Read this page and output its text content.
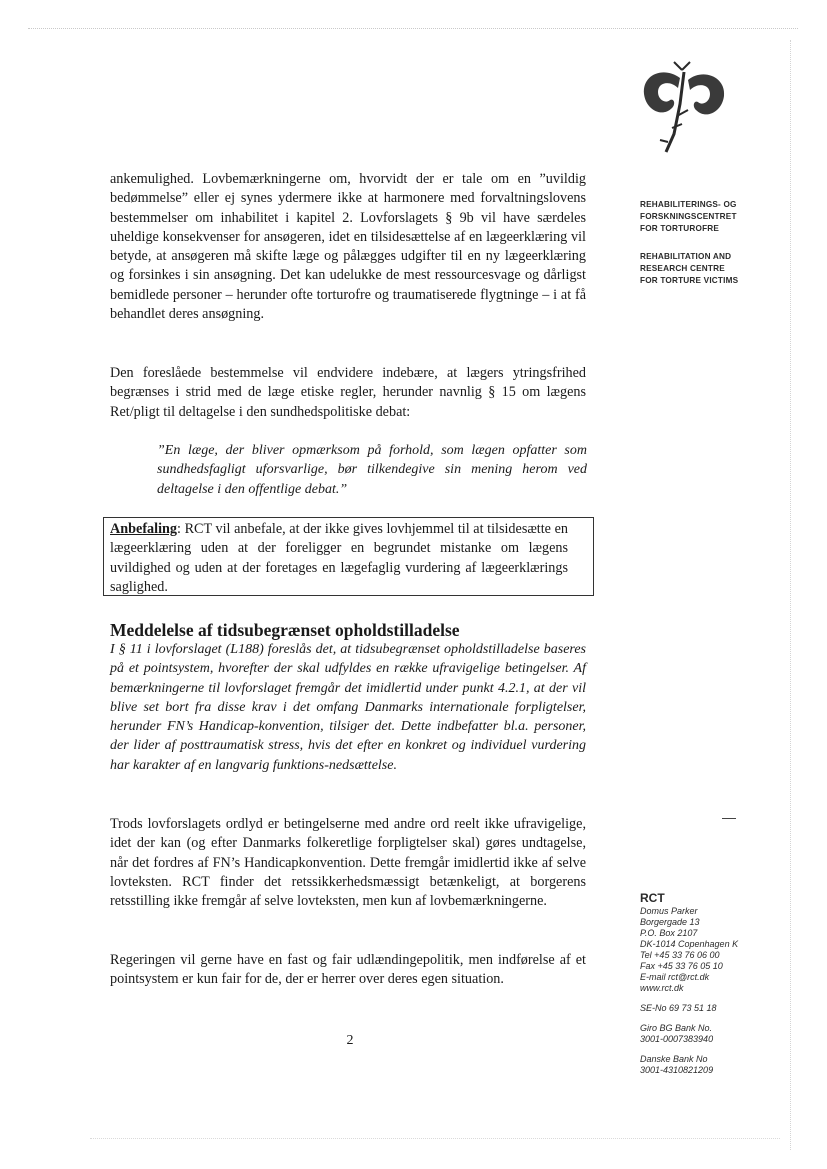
REHABILITERINGS- OG
FORSKNINGSCENTRET
FOR TORTUROFRE
REHABILITATION AND
RESEARCH CENTRE
FOR TORTURE VICTIMS
RCT
Domus Parker
Borgergade 13
P.O. Box 2107
DK-1014 Copenhagen K
Tel +45 33 76 06 00
Fax +45 33 76 05 10
E-mail rct@rct.dk
www.rct.dk
SE-No 69 73 51 18
Giro BG Bank No.
3001-0007383940
Danske Bank No
3001-4310821209

ankemulighed. Lovbemærkningerne om, hvorvidt der er tale om en ”uvildig bedømmelse” eller ej synes ydermere ikke at harmonere med forvaltningslovens bestemmelser om inhabilitet i kapitel 2. Lovforslagets § 9b vil have særdeles uheldige konsekvenser for ansøgeren, idet en tilsidesættelse af en lægeerklæring vil betyde, at ansøgeren må skifte læge og pålægges udgifter til en ny lægeerklæring og forsinkes i sin ansøgning. Det kan udelukke de mest ressourcesvage og dårligst bemidlede personer – herunder ofte torturofre og traumatiserede flygtninge – i at få behandlet deres ansøgning.

Den foreslåede bestemmelse vil endvidere indebære, at lægers ytringsfrihed begrænses i strid med de læge etiske regler, herunder navnlig § 15 om lægens Ret/pligt til deltagelse i den sundhedspolitiske debat:

”En læge, der bliver opmærksom på forhold, som lægen opfatter som sundhedsfagligt uforsvarlige, bør tilkendegive sin mening herom ved deltagelse i den offentlige debat.”
Anbefaling: RCT vil anbefale, at der ikke gives lovhjemmel til at tilsidesætte en lægeerklæring uden at der foreligger en begrundet mistanke om lægens uvildighed og uden at der foretages en lægefaglig vurdering af lægeerklærings saglighed.
Meddelelse af tidsubegrænset opholdstilladelse
I § 11 i lovforslaget (L188) foreslås det, at tidsubegrænset opholdstilladelse baseres på et pointsystem, hvorefter der skal udfyldes en række ufravigelige betingelser. Af bemærkningerne til lovforslaget fremgår det imidlertid under punkt 4.2.1, at der vil blive set bort fra disse krav i det omfang Danmarks internationale forpligtelser, herunder FN’s Handicap-konvention, tilsiger det. Dette indbefatter bl.a. personer, der lider af posttraumatisk stress, hvis det efter en konkret og individuel vurdering har karakter af en langvarig funktions-nedsættelse.

Trods lovforslagets ordlyd er betingelserne med andre ord reelt ikke ufravigelige, idet der kan (og efter Danmarks folkeretlige forpligtelser skal) gøres undtagelse, når det fordres af FN’s Handicapkonvention. Dette fremgår imidlertid ikke af selve lovteksten. RCT finder det retssikkerhedsmæssigt betænkeligt, at borgerens retsstilling ikke fremgår af selve lovteksten, men kun af lovbemærkningerne.

Regeringen vil gerne have en fast og fair udlændingepolitik, men indførelse af et pointsystem er kun fair for de, der er herrer over deres egen situation.

2
